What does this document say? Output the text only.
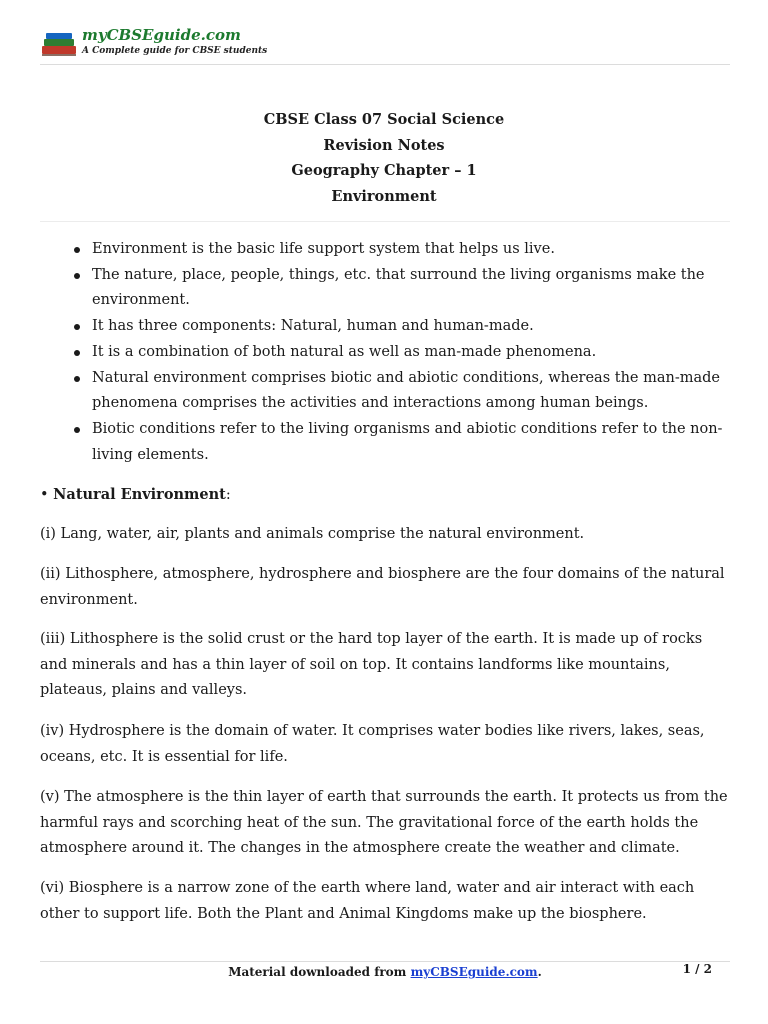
myCBSEguide.com
A Complete guide for CBSE students
CBSE Class 07 Social Science
Revision Notes
Geography Chapter – 1
Environment
Environment is the basic life support system that helps us live.
The nature, place, people, things, etc. that surround the living organisms make the environment.
It has three components: Natural, human and human-made.
It is a combination of both natural as well as man-made phenomena.
Natural environment comprises biotic and abiotic conditions, whereas the man-made phenomena comprises the activities and interactions among human beings.
Biotic conditions refer to the living organisms and abiotic conditions refer to the non-living elements.

• Natural Environment:

(i) Lang, water, air, plants and animals comprise the natural environment.

(ii) Lithosphere, atmosphere, hydrosphere and biosphere are the four domains of the natural environment.

(iii) Lithosphere is the solid crust or the hard top layer of the earth. It is made up of rocks and minerals and has a thin layer of soil on top. It contains landforms like mountains, plateaus, plains and valleys.

(iv) Hydrosphere is the domain of water. It comprises water bodies like rivers, lakes, seas, oceans, etc. It is essential for life.

(v) The atmosphere is the thin layer of earth that surrounds the earth. It protects us from the harmful rays and scorching heat of the sun. The gravitational force of the earth holds the atmosphere around it. The changes in the atmosphere create the weather and climate.

(vi) Biosphere is a narrow zone of the earth where land, water and air interact with each other to support life. Both the Plant and Animal Kingdoms make up the biosphere.

Material downloaded from myCBSEguide.com.	1 / 2
